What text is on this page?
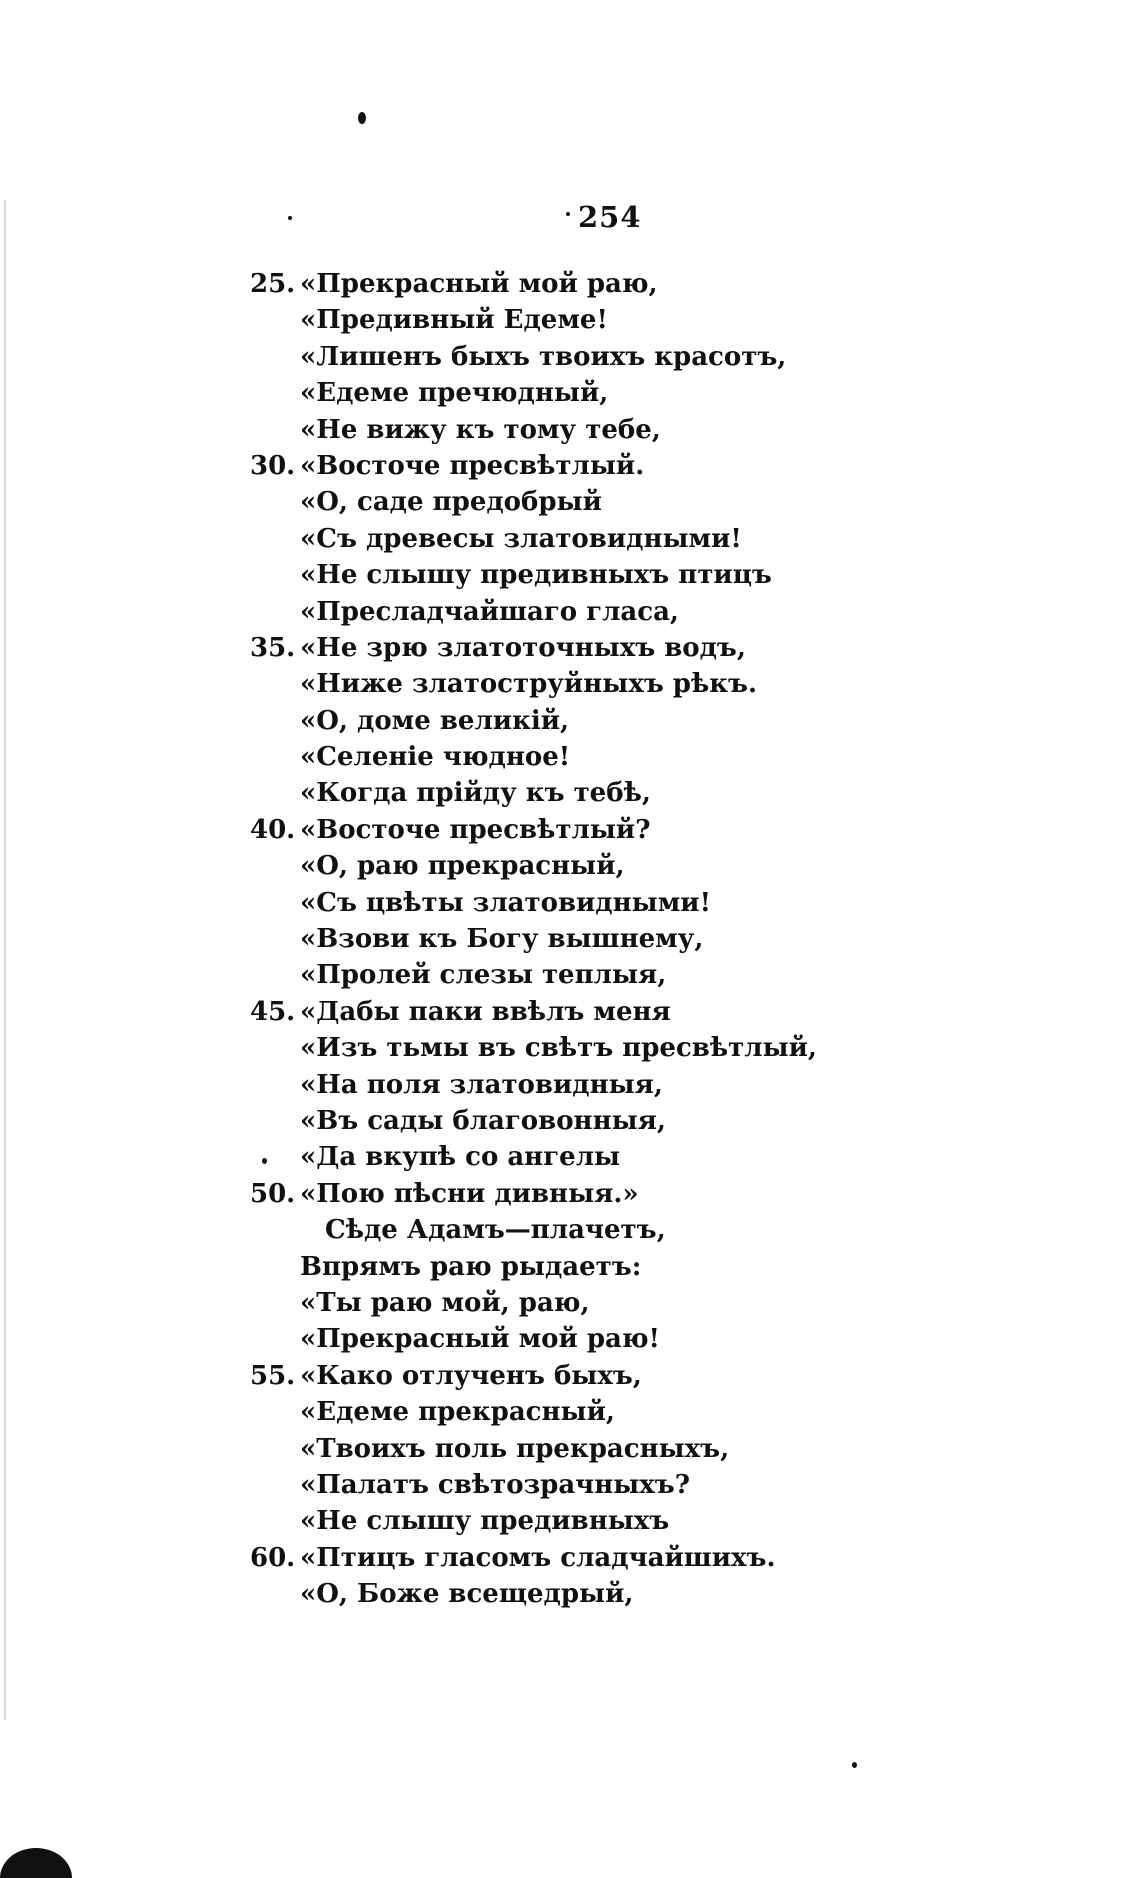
254
25. «Прекрасный мой раю,
«Предивный Едеме!
«Лишенъ быхъ твоихъ красотъ,
«Едеме пречюдный,
«Не вижу къ тому тебе,
30. «Восточе пресвѣтлый.
«О, саде предобрый
«Съ древесы златовидными!
«Не слышу предивныхъ птицъ
«Пресладчайшаго гласа,
35. «Не зрю златоточныхъ водъ,
«Ниже златоструйныхъ рѣкъ.
«О, доме великій,
«Селеніе чюдное!
«Когда прійду къ тебѣ,
40. «Восточе пресвѣтлый?
«О, раю прекрасный,
«Съ цвѣты златовидными!
«Взови къ Богу вышнему,
«Пролей слезы теплыя,
45. «Дабы паки ввѣлъ меня
«Изъ тьмы въ свѣтъ пресвѣтлый,
«На поля златовидныя,
«Въ сады благовонныя,
«Да вкупѣ со ангелы
50. «Пою пѣсни дивныя.»
Сѣде Адамъ—плачетъ,
Впрямъ раю рыдаетъ:
«Ты раю мой, раю,
«Прекрасный мой раю!
55. «Како отлученъ быхъ,
«Едеме прекрасный,
«Твоихъ поль прекрасныхъ,
«Палатъ свѣтозрачныхъ?
«Не слышу предивныхъ
60. «Птицъ гласомъ сладчайшихъ.
«О, Боже всещедрый,
